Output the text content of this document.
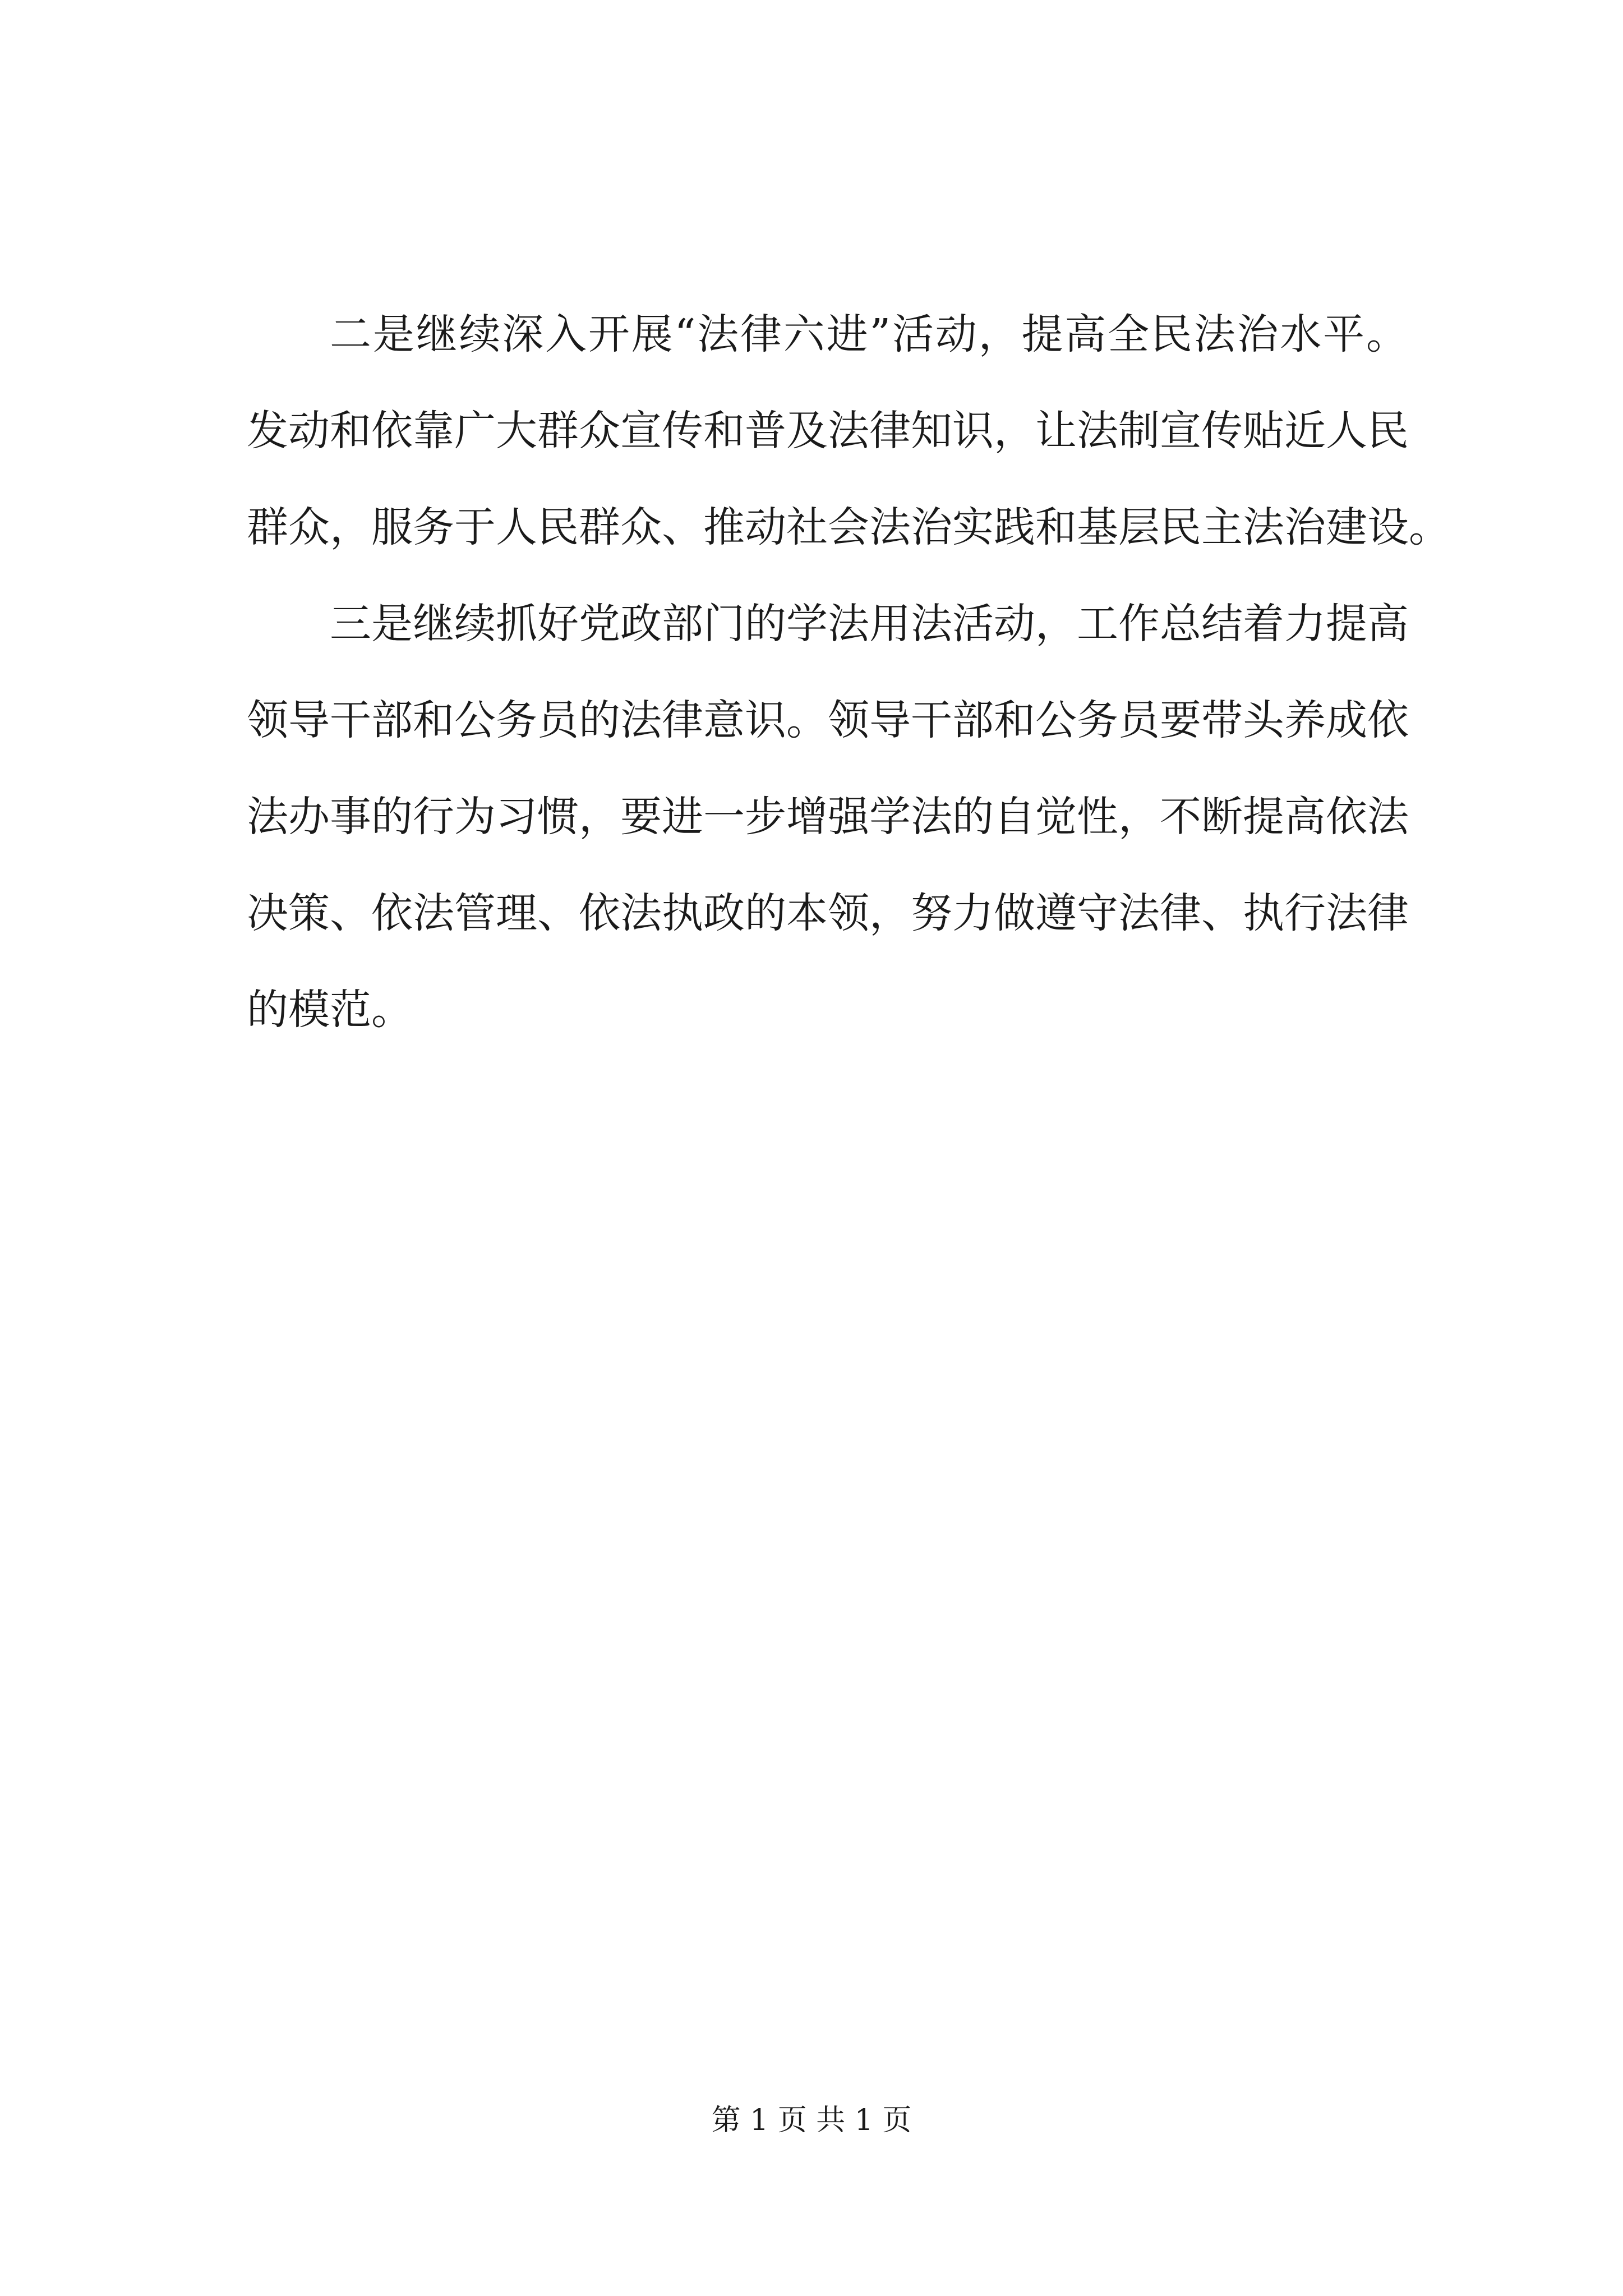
二是继续深入开展“法律六进”活动，提高全民法治水平。
发动和依靠广大群众宣传和普及法律知识，让法制宣传贴近人民
群众，服务于人民群众、推动社会法治实践和基层民主法治建设。
三是继续抓好党政部门的学法用法活动，工作总结着力提高
领导干部和公务员的法律意识。领导干部和公务员要带头养成依
法办事的行为习惯，要进一步增强学法的自觉性，不断提高依法
决策、依法管理、依法执政的本领，努力做遵守法律、执行法律
的模范。
第 1 页 共 1 页
